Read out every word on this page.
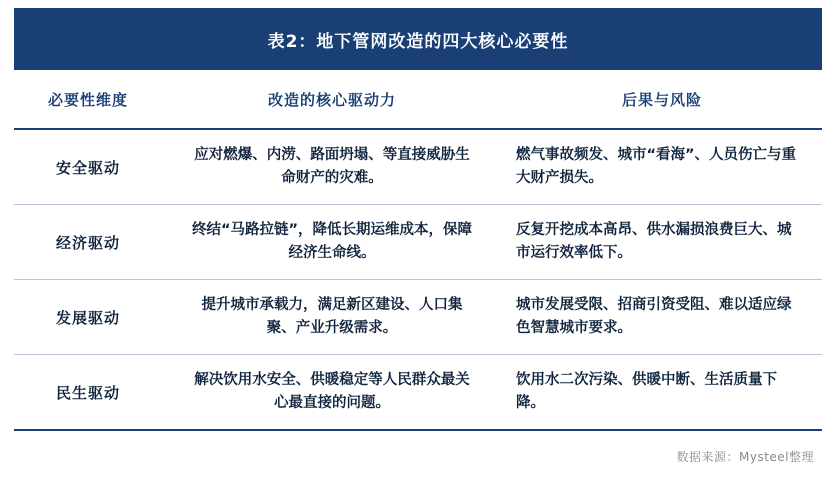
表2：地下管网改造的四大核心必要性
必要性维度	改造的核心驱动力	后果与风险
安全驱动
应对燃爆、内涝、路面坍塌、等直接威胁生命财产的灾难。
燃气事故频发、城市“看海”、人员伤亡与重大财产损失。
经济驱动
终结“马路拉链”，降低长期运维成本，保障经济生命线。
反复开挖成本高昂、供水漏损浪费巨大、城市运行效率低下。
发展驱动
提升城市承载力，满足新区建设、人口集聚、产业升级需求。
城市发展受限、招商引资受阻、难以适应绿色智慧城市要求。
民生驱动
解决饮用水安全、供暖稳定等人民群众最关心最直接的问题。
饮用水二次污染、供暖中断、生活质量下降。
数据来源：Mysteel整理
